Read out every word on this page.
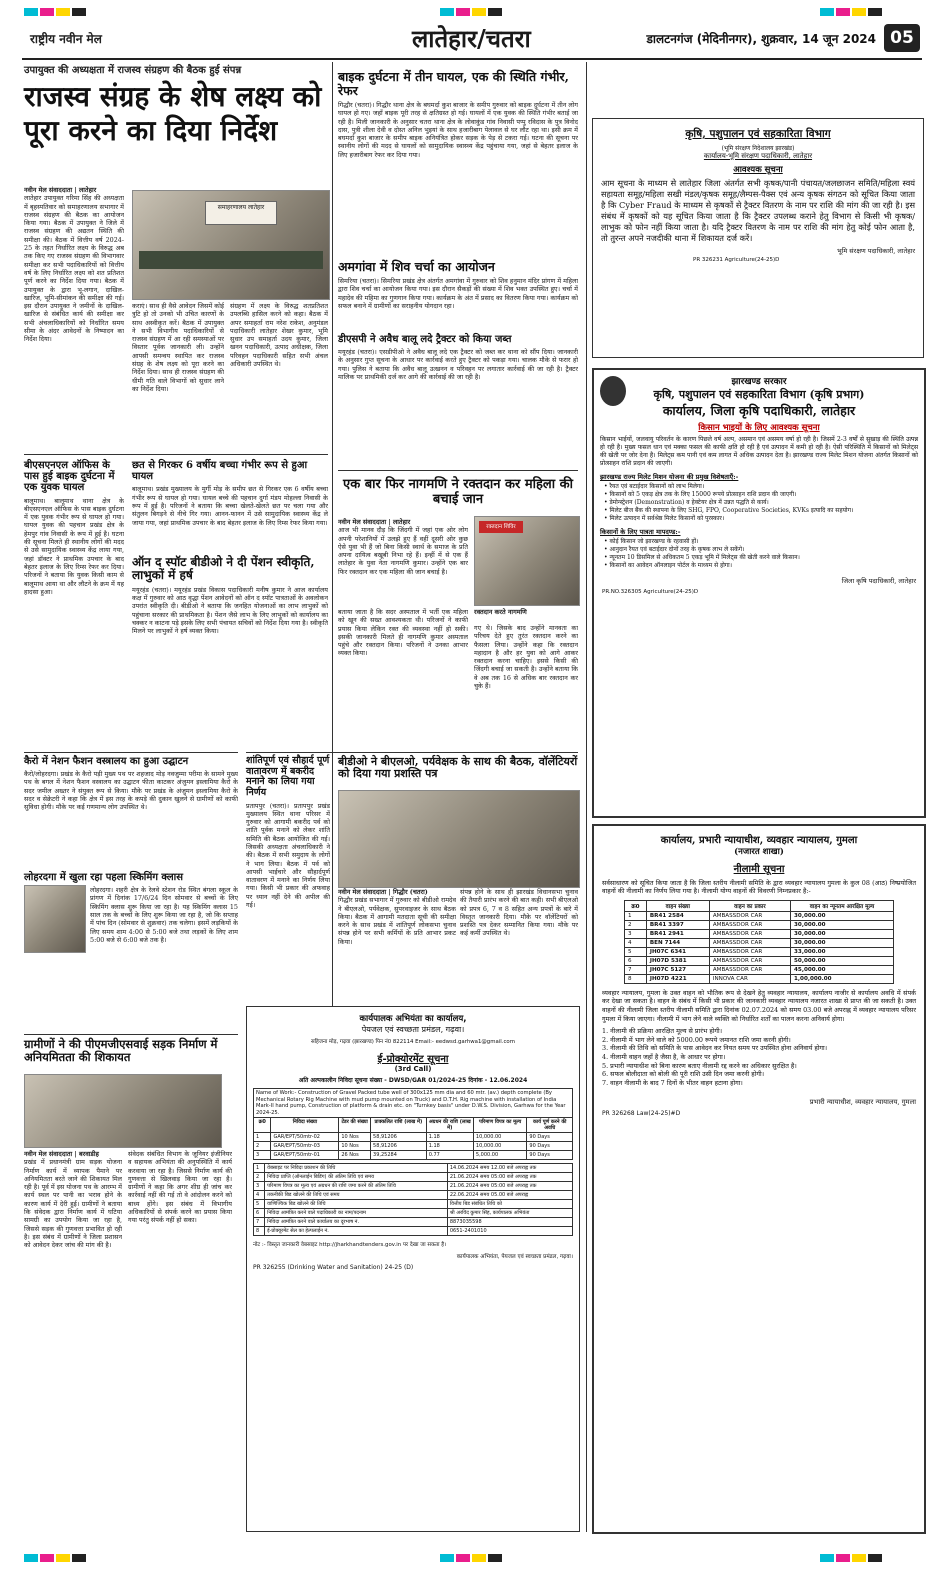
राष्ट्रीय नवीन मेल	लातेहार/चतरा	डालटनगंज (मेदिनीनगर), शुक्रवार, 14 जून 2024 05
उपायुक्त की अध्यक्षता में राजस्व संग्रहण की बैठक हुई संपन्न
राजस्व संग्रह के शेष लक्ष्य को पूरा करने का दिया निर्देश
नवीन मेल संवाददाता | लातेहार
लातेहार उपायुक्त गरिमा सिंह की अध्यक्षता में बृहस्पतिवार को समाहरणालय सभागार में राजस्व संग्रहण की बैठक का आयोजन किया गया। बैठक में उपायुक्त ने जिले में राजस्व संग्रहण की अद्यतन स्थिति की समीक्षा की। बैठक में वित्तीय वर्ष 2024-25 के तहत निर्धारित लक्ष्य के विरुद्ध अब तक किए गए राजस्व संग्रहण की विभागवार समीक्षा कर सभी पदाधिकारियों को वित्तीय वर्ष के लिए निर्धारित लक्ष्य को शत प्रतिशत पूर्ण करने का निर्देश दिया गया। बैठक में उपायुक्त के द्वारा भू-लगान, दाखिल-खारिज, भूमि-सीमांकन की समीक्षा की गई। इस दौरान उपायुक्त ने जमीनों के दाखिल-खारिज से संबंधित कार्य की समीक्षा कर सभी अंचलाधिकारियों को निर्धारित समय सीमा के अंदर आवेदनों के निष्पादन का निर्देश दिया।
समाहरणालय लातेहार
कराएं। साथ ही वैसे आवेदन जिसमें कोई त्रुटि हो तो उनको भी उचित कारणों के साथ अस्वीकृत करें। बैठक में उपायुक्त ने सभी विभागीय पदाधिकारियों से राजस्व संग्रहण में आ रही समस्याओं पर विस्तार पूर्वक जानकारी ली। उन्होंने आपसी समन्वय स्थापित कर राजस्व संग्रह के शेष लक्ष्य को पूरा करने का निर्देश दिया। साथ ही राजस्व संग्रहण की धीमी गति वाले विभागों को सुधार लाने का निर्देश दिया।
संग्रहण में लक्ष्य के विरुद्ध शतप्रतिशत उपलब्धि हासिल करने को कहा। बैठक में अपर समाहर्ता राम नरेश राकेश, अनुमंडल पदाधिकारी लातेहार शेखर कुमार, भूमि सुधार उप समाहर्ता उदय कुमार, जिला खनन पदाधिकारी, उत्पाद अधीक्षक, जिला परिवहन पदाधिकारी सहित सभी अंचल अधिकारी उपस्थित थे।
बीएसएनएल ऑफिस के पास हुई बाइक दुर्घटना में एक युवक घायल
बालूमाथ। बालूमाथ थाना क्षेत्र के बीएसएनएल ऑफिस के पास बाइक दुर्घटना में एक युवक गंभीर रूप से घायल हो गया। घायल युवक की पहचान प्रखंड क्षेत्र के हेमपुर गांव निवासी के रूप में हुई है। घटना की सूचना मिलते ही स्थानीय लोगों की मदद से उसे सामुदायिक स्वास्थ्य केंद्र लाया गया, जहां डॉक्टर ने प्राथमिक उपचार के बाद बेहतर इलाज के लिए रिम्स रेफर कर दिया। परिजनों ने बताया कि युवक किसी काम से बालूमाथ आया था और लौटने के क्रम में यह हादसा हुआ।
छत से गिरकर 6 वर्षीय बच्चा गंभीर रूप से हुआ घायल
बालूमाथ। प्रखंड मुख्यालय के मुर्गी मोड़ के समीप छत से गिरकर एक 6 वर्षीय बच्चा गंभीर रूप से घायल हो गया। घायल बच्चे की पहचान दुर्गा मंडप मोहल्ला निवासी के रूप में हुई है। परिजनों ने बताया कि बच्चा खेलते-खेलते छत पर चला गया और संतुलन बिगड़ने से नीचे गिर गया। आनन-फानन में उसे सामुदायिक स्वास्थ्य केंद्र ले जाया गया, जहां प्राथमिक उपचार के बाद बेहतर इलाज के लिए रिम्स रेफर किया गया।
ऑन द स्पॉट बीडीओ ने दी पेंशन स्वीकृति, लाभुकों में हर्ष
मयूरहंड (चतरा)। मयूरहंड प्रखंड विकास पदाधिकारी मनीष कुमार ने आज कार्यालय कक्ष में गुरुवार को आठ वृद्धा पेंशन आवेदनों को ऑन द स्पॉट पात्रताओं के अवलोकन उपरांत स्वीकृति दी। बीडीओ ने बताया कि जनहित योजनाओं का लाभ लाभुकों को पहुंचाना सरकार की प्राथमिकता है। पेंशन जैसे लाभ के लिए लाभुकों को कार्यालय का चक्कर न काटना पड़े इसके लिए सभी पंचायत सचिवों को निर्देश दिया गया है। स्वीकृति मिलने पर लाभुकों ने हर्ष व्यक्त किया।
कैरो में नेशन फैशन वस्त्रालय का हुआ उद्घाटन
कैरो/लोहरदगा। प्रखंड के कैरो पड़ी मुख्य पथ पर शहजाद मोड़ नवजुम्मा परीमा के सामने मुख्य पथ के बगल में नेशन फैशन वस्त्रालय का उद्घाटन फीता काटकर अंजुमन इस्लामिया कैरो के सदर जमील अख्तर ने संयुक्त रूप से किया। मौके पर प्रखंड के अंजुमन इस्लामिया कैरो के सदर व सेक्रेटरी ने कहा कि क्षेत्र में इस तरह के कपड़े की दुकान खुलने से ग्रामीणों को काफी सुविधा होगी। मौके पर कई गणमान्य लोग उपस्थित थे।
लोहरदगा में खुला रहा पहला स्किमिंग क्लास
लोहरदगा। शहरी क्षेत्र के रेलवे स्टेशन रोड स्थित बंगला स्कूल के प्रांगण में दिनांक 17/6/24 दिन सोमवार से बच्चों के लिए स्किमिंग क्लास शुरू किया जा रहा है। यह स्किमिंग क्लास 15 साल तक के बच्चों के लिए शुरू किया जा रहा है, जो कि सप्ताह में पांच दिन (सोमवार से शुक्रवार) तक चलेगा। इसमें लड़कियों के लिए समय शाम 4:00 से 5:00 बजे तथा लड़कों के लिए शाम 5:00 बजे से 6:00 बजे तक है।
ग्रामीणों ने की पीएमजीएसवाई सड़क निर्माण में अनियमितता की शिकायत
नवीन मेल संवाददाता | बरवाडीह
प्रखंड में प्रधानमंत्री ग्राम सड़क योजना निर्माण कार्य में व्यापक पैमाने पर अनियमितता बरते जाने की शिकायत मिल रही है। पूर्व में इस योजना पथ के आरम्भ में कार्य स्थल पर पानी का भराव होने के कारण कार्य में देरी हुई। ग्रामीणों ने बताया कि संवेदक द्वारा निर्माण कार्य में घटिया सामग्री का उपयोग किया जा रहा है, जिससे सड़क की गुणवत्ता प्रभावित हो रही है। इस संबंध में ग्रामीणों ने जिला प्रशासन को आवेदन देकर जांच की मांग की है।
संवेदक संबंधित विभाग के जूनियर इंजीनियर व सहायक अभियंता की अनुपस्थिति में कार्य करवाया जा रहा है। जिससे निर्माण कार्य की गुणवत्ता से खिलवाड़ किया जा रहा है। ग्रामीणों ने कहा कि अगर शीघ्र ही जांच कर कार्रवाई नहीं की गई तो वे आंदोलन करने को बाध्य होंगे। इस संबंध में विभागीय अधिकारियों से संपर्क करने का प्रयास किया गया परंतु संपर्क नहीं हो सका।
बाइक दुर्घटना में तीन घायल, एक की स्थिति गंभीर, रेफर
गिद्धौर (चतरा)। गिद्धौर थाना क्षेत्र के बघमर्दा कुश बाजार के समीप गुरुवार को बाइक दुर्घटना में तीन लोग घायल हो गए। जहाँ बाइक पूरी तरह से क्षतिग्रस्त हो गई। घायलों में एक युवक की स्थिति गंभीर बताई जा रही है। मिली जानकारी के अनुसार चतरा थाना क्षेत्र के लोवाकुंड गांव निवासी पप्पु रविदास के पुत्र विनोद दास, पुत्री शीला देवी व दोस्त अनिल भुइयां के साथ हजारीबाग पेलावल से घर लौट रहा था। इसी क्रम में बघमर्दा कुश बाजार के समीप बाइक अनियंत्रित होकर सड़क के पेड़ से टकरा गई। घटना की सूचना पर स्थानीय लोगों की मदद से घायलों को सामुदायिक स्वास्थ्य केंद्र पहुंचाया गया, जहां से बेहतर इलाज के लिए हजारीबाग रेफर कर दिया गया।
अमगांवा में शिव चर्चा का आयोजन
सिमरिया (चतरा)। सिमरिया प्रखंड क्षेत्र अंतर्गत अमगांवा में गुरुवार को शिव हनुमान मंदिर प्रांगण में महिला द्वारा शिव चर्चा का आयोजन किया गया। इस दौरान सैकड़ों की संख्या में शिव भक्त उपस्थित हुए। चर्चा में महादेव की महिमा का गुणगान किया गया। कार्यक्रम के अंत में प्रसाद का वितरण किया गया। कार्यक्रम को सफल बनाने में ग्रामीणों का सराहनीय योगदान रहा।
डीएसपी ने अवैध बालू लदे ट्रैक्टर को किया जब्त
मयूरहंड (चतरा)। एसडीपीओ ने अवैध बालू लदे एक ट्रैक्टर को जब्त कर थाना को सौंप दिया। जानकारी के अनुसार गुप्त सूचना के आधार पर कार्रवाई करते हुए ट्रैक्टर को पकड़ा गया। चालक मौके से फरार हो गया। पुलिस ने बताया कि अवैध बालू उत्खनन व परिवहन पर लगातार कार्रवाई की जा रही है। ट्रैक्टर मालिक पर प्राथमिकी दर्ज कर आगे की कार्रवाई की जा रही है।
एक बार फिर नागमणि ने रक्तदान कर महिला की बचाई जान
नवीन मेल संवाददाता | लातेहार
आज भी मानव दौड़ कि जिंदगी में जहां एक ओर लोग अपनी परेशानियों में उलझे हुए हैं वहीं दूसरी ओर कुछ ऐसे युवा भी हैं जो बिना किसी स्वार्थ के समाज के प्रति अपना दायित्व बखूबी निभा रहे हैं। इन्हीं में से एक हैं लातेहार के युवा नेता नागमणि कुमार। उन्होंने एक बार फिर रक्तदान कर एक महिला की जान बचाई है।
रक्तदान शिविर
बताया जाता है कि सदर अस्पताल में भर्ती एक महिला को खून की सख्त आवश्यकता थी। परिजनों ने काफी प्रयास किया लेकिन रक्त की व्यवस्था नहीं हो सकी। इसकी जानकारी मिलते ही नागमणि कुमार अस्पताल पहुंचे और रक्तदान किया। परिजनों ने उनका आभार व्यक्त किया।
रक्तदान करते नागमणि
गए थे। जिसके बाद उन्होंने मानवता का परिचय देते हुए तुरंत रक्तदान करने का फैसला लिया। उन्होंने कहा कि रक्तदान महादान है और हर युवा को आगे आकर रक्तदान करना चाहिए। इससे किसी की जिंदगी बचाई जा सकती है। उन्होंने बताया कि वे अब तक 16 से अधिक बार रक्तदान कर चुके हैं।
शांतिपूर्ण एवं सौहार्द पूर्ण वातावरण में बकरीद मनाने का लिया गया निर्णय
प्रतापपुर (चतरा)। प्रतापपुर प्रखंड मुख्यालय स्थित थाना परिसर में गुरुवार को आगामी बकरीद पर्व को शांति पूर्वक मनाने को लेकर शांति समिति की बैठक आयोजित की गई। जिसकी अध्यक्षता अंचलाधिकारी ने की। बैठक में सभी समुदाय के लोगों ने भाग लिया। बैठक में पर्व को आपसी भाईचारे और सौहार्दपूर्ण वातावरण में मनाने का निर्णय लिया गया। किसी भी प्रकार की अफवाह पर ध्यान नहीं देने की अपील की गई।
बीडीओ ने बीएलओ, पर्यवेक्षक के साथ की बैठक, वॉलेंटियरों को दिया गया प्रशस्ति पत्र
नवीन मेल संवाददाता | गिद्धौर (चतरा)
गिद्धौर प्रखंड सभागार में गुरुवार को बीडीओ रामदेव ने बीएलओ, पर्यवेक्षक, सुपरवाइजर के साथ बैठक किया। बैठक में आगामी मतदाता सूची की समीक्षा करने के साथ प्रखंड में शांतिपूर्ण लोकसभा चुनाव संपन्न होने पर सभी कर्मियों के प्रति आभार प्रकट किया।
संपन्न होने के साथ ही झारखंड विधानसभा चुनाव की तैयारी प्रारंभ करने की बात कही। सभी बीएलओ को प्रपत्र 6, 7 व 8 सहित अन्य प्रपत्रों के बारे में विस्तृत जानकारी दिया। मौके पर वॉलेंटियरों को प्रशस्ति पत्र देकर सम्मानित किया गया। मौके पर कई कर्मी उपस्थित थे।
कार्यपालक अभियंता का कार्यालय,
पेयजल एवं स्वच्छता प्रमंडल, गढ़वा।
सहिजना मोड़, गढ़वा (झारखण्ड) पिन नं0 822114 Email:- eedwsd.garhwa1@gmail.com
ई-प्रोक्योरमेंट सूचना
(3rd Call)
अति अल्पकालीन निविदा सूचना संख्या - DWSD/GAR 01/2024-25 दिनांक - 12.06.2024
Name of Work:- Construction of Gravel Packed tube well of 300x125 mm dia and 60 mtr. (av.) depth complete (By Mechanical Rotary Rig Machine with mud pump mounted on Truck) and D.T.H. Rig machine with installation of India Mark-II hand pump, Construction of platform & drain etc. on "Turnkey basis" under D.W.S. Division, Garhwa for the Year 2024-25.						
क्र0	निविदा संख्या	टेंडर की संख्या	प्राक्कलित राशि (लाख में)	अग्रधन की राशि (लाख में)	परिमाण विपत्र का मूल्य	कार्य पूर्ण करने की अवधि
1	GAR/EPT/50mtr-02	10 Nos	58,91206	1.18	10,000.00	90 Days
2	GAR/EPT/50mtr-03	10 Nos	58,91206	1.18	10,000.00	90 Days
3	GAR/EPT/50mtr-01	26 Nos	39,25284	0.77	5,000.00	90 Days
1	वेबसाइट पर निविदा प्रकाशन की तिथि	14.06.2024 समय 12.00 बजे अपराह्न तक
2	निविदा प्राप्ति (ऑनलाईन बिडिंग) की अंतिम तिथि एवं समय	21.06.2024 समय 05:00 बजे अपराह्न तक
3	परिमाण विपत्र का मूल्य एवं अग्रधन की राशि जमा करने की अंतिम तिथि	21.06.2024 समय 05:00 बजे अपराह्न तक
4	तकनीकी बिड खोलने की तिथि एवं समय	22.06.2024 समय 05.00 बजे अपराह्न
5	वाणिज्यिक बिड खोलने की तिथि	वित्तीय बिड संबंधित तिथि को
6	निविदा आमंत्रित करने वाले पदाधिकारी का नाम/पदनाम	श्री अरविंद कुमार सिंह, कार्यपालक अभियंता
7	निविदा आमंत्रित करने वाले कार्यालय का दूरभाष नं.	8873035598
8	ई-प्रोक्यूरमेंट सेल का हेल्पलाईन नं.	0651-2401010
नोट :- विस्तृत जानकारी वेबसाइट http://jharkhandtenders.gov.in पर देखा जा सकता है।
कार्यपालक अभियंता, पेयजल एवं स्वच्छता प्रमंडल, गढ़वा।
PR 326255 (Drinking Water and Sanitation) 24-25 (D)
कृषि, पशुपालन एवं सहकारिता विभाग
(भूमि संरक्षण निदेशालय झारखंड)
कार्यालय-भूमि संरक्षण पदाधिकारी, लातेहार
आवश्यक सूचना
आम सूचना के माध्यम से लातेहार जिला अंतर्गत सभी कृषक/पानी पंचायत/जलछाजन समिति/महिला स्वयं सहायता समूह/महिला सखी मंडल/कृषक समूह/लैम्पस-पैक्स एवं अन्य कृषक संगठन को सूचित किया जाता है कि Cyber Fraud के माध्यम से कृषकों से ट्रैक्टर वितरण के नाम पर राशि की मांग की जा रही है। इस संबंध में कृषकों को यह सूचित किया जाता है कि ट्रैक्टर उपलब्ध कराने हेतु विभाग से किसी भी कृषक/लाभुक को फोन नहीं किया जाता है। यदि ट्रैक्टर वितरण के नाम पर राशि की मांग हेतु कोई फोन आता है, तो तुरन्त अपने नजदीकी थाना में शिकायत दर्ज करें।
भूमि संरक्षण पदाधिकारी, लातेहार
PR 326231 Agriculture(24-25)D
झारखण्ड सरकार
कृषि, पशुपालन एवं सहकारिता विभाग (कृषि प्रभाग)
कार्यालय, जिला कृषि पदाधिकारी, लातेहार
किसान भाइयों के लिए आवश्यक सूचना
किसान भाईयों, जलवायु परिवर्तन के कारण पिछले वर्ष अल्प, असमान एवं असमय वर्षा हो रही है। जिसमें 2-3 वर्षों से सुखाड़ की स्थिति उत्पन्न हो रही है। मुख्य फसल धान एवं मक्का फसल की काफी क्षति हो रही है एवं उत्पादन में कमी हो रही है। ऐसी परिस्थिति में किसानों को मिलेट्स की खेती पर जोर देना है। मिलेट्स कम पानी एवं कम लागत में अधिक उत्पादन देता है। झारखण्ड राज्य मिलेट मिशन योजना अंतर्गत किसानों को प्रोत्साहन राशि प्रदान की जाएगी।
झारखण्ड राज्य मिलेट मिशन योजना की प्रमुख विशेषताएँ:-
• रैयत एवं बटाईदार किसानों को लाभ मिलेगा।
• किसानों को 5 एकड़ क्षेत्र तक के लिए 15000 रूपये प्रोत्साहन राशि प्रदान की जाएगी।
• डेमोन्स्ट्रेशन (Demonstration) व हेक्टेयर क्षेत्र में उन्नत पद्धति से कार्य।
• मिलेट बीज बैंक की स्थापना के लिए SHG, FPO, Cooperative Societies, KVKs इत्यादि का सहयोग।
• मिलेट उत्पादन में सर्वश्रेष्ठ मिलेट किसानों को पुरस्कार।
किसानों के लिए पात्रता मापदण्ड:-
• कोई किसान जो झारखण्ड के रहवासी हों।
• आनुदान रैयत एवं बटाईदार दोनों तरह के कृषक लाभ ले सकेंगे।
• न्यूनतम 10 डिसमिल से अधिकतम 5 एकड़ भूमि में मिलेट्स की खेती करने वाले किसान।
• किसानों का आवेदन ऑनलाइन पोर्टल के माध्यम से होगा।
जिला कृषि पदाधिकारी, लातेहार
PR.NO.326305 Agriculture(24-25)D
कार्यालय, प्रभारी न्यायाधीश, व्यवहार न्यायालय, गुमला
(नजारत शाखा)
नीलामी सूचना
सर्वसाधारण को सूचित किया जाता है कि जिला स्तरीय नीलामी समिति के द्वारा व्यवहार न्यायालय गुमला के कुल 08 (आठ) निष्प्रयोजित वाहनों की नीलामी का निर्णय लिया गया है। नीलामी योग्य वाहनों की विवरणी निम्नप्रकार है:-
क्र0	वाहन संख्या	वाहन का प्रकार	वाहन का न्यूनतम आरक्षित मूल्य
1	BR41 2584	AMBASSDOR CAR	30,000.00
2	BR41 3397	AMBASSDOR CAR	30,000.00
3	BR41 2941	AMBASSDOR CAR	30,000.00
4	BEN 7144	AMBASSDOR CAR	30,000.00
5	JH07C 6341	AMBASSDOR CAR	33,000.00
6	JH07D 5381	AMBASSDOR CAR	50,000.00
7	JH07C 5127	AMBASSDOR CAR	45,000.00
8	JH07D 4221	INNOVA CAR	1,00,000.00
व्यवहार न्यायालय, गुमला के उक्त वाहन को भौतिक रूप से देखने हेतु व्यवहार न्यायालय, कार्यालय नाजीर से कार्यालय अवधि में संपर्क कर देखा जा सकता है। वाहन के संबंध में किसी भी प्रकार की जानकारी व्यवहार न्यायालय नजारत शाखा से प्राप्त की जा सकती है। उक्त वाहनों की नीलामी जिला स्तरीय नीलामी समिति द्वारा दिनांक 02.07.2024 को समय 03.00 बजे अपराह्न में व्यवहार न्यायालय परिसर गुमला में किया जाएगा। नीलामी में भाग लेने वाले व्यक्ति को निर्धारित शर्तों का पालन करना अनिवार्य होगा।
1. नीलामी की प्रक्रिया आरक्षित मूल्य से प्रारंभ होगी।
2. नीलामी में भाग लेने वाले को 5000.00 रूपये जमानत राशि जमा करनी होगी।
3. नीलामी की तिथि को समिति के पास आवेदन कर नियत समय पर उपस्थित होना अनिवार्य होगा।
4. नीलामी वाहन जहाँ है जैसा है, के आधार पर होगा।
5. प्रभारी न्यायाधीश को बिना कारण बताए नीलामी रद्द करने का अधिकार सुरक्षित है।
6. सफल बोलीदाता को बोली की पूरी राशि उसी दिन जमा करनी होगी।
7. वाहन नीलामी के बाद 7 दिनों के भीतर वाहन हटाना होगा।
प्रभारी न्यायाधीश, व्यवहार न्यायालय, गुमला
PR 326268 Law(24-25)#D
